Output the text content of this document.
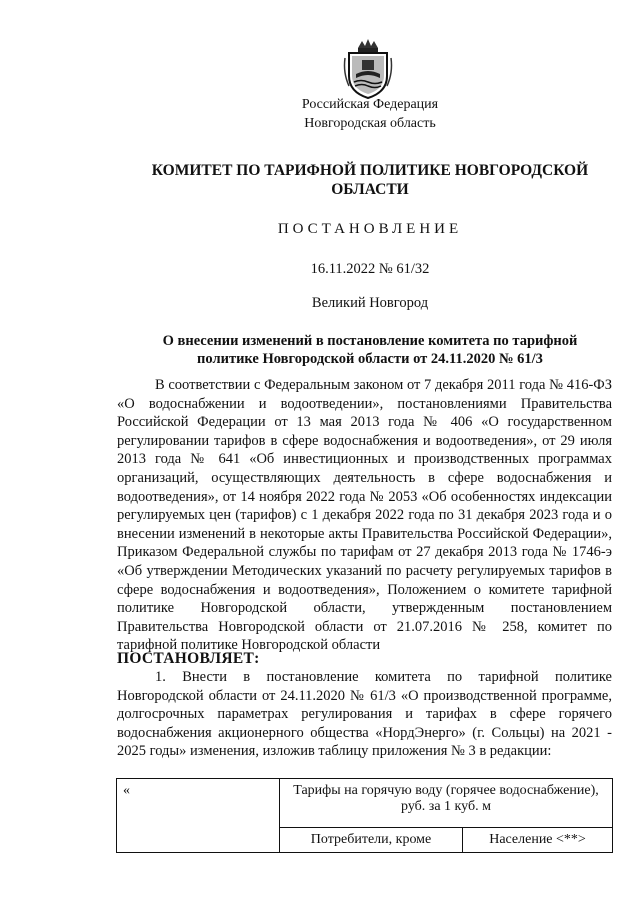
Российская Федерация
Новгородская область
КОМИТЕТ ПО ТАРИФНОЙ ПОЛИТИКЕ НОВГОРОДСКОЙ
ОБЛАСТИ
ПОСТАНОВЛЕНИЕ
16.11.2022 № 61/32
Великий Новгород
О внесении изменений в постановление комитета по тарифной
политике Новгородской области от 24.11.2020 № 61/3
В соответствии с Федеральным законом от 7 декабря 2011 года № 416-ФЗ «О водоснабжении и водоотведении», постановлениями Правительства Российской Федерации от 13 мая 2013 года № 406 «О государственном регулировании тарифов в сфере водоснабжения и водоотведения», от 29 июля 2013 года № 641 «Об инвестиционных и производственных программах организаций, осуществляющих деятельность в сфере водоснабжения и водоотведения», от 14 ноября 2022 года № 2053 «Об особенностях индексации регулируемых цен (тарифов) с 1 декабря 2022 года по 31 декабря 2023 года и о внесении изменений в некоторые акты Правительства Российской Федерации», Приказом Федеральной службы по тарифам от 27 декабря 2013 года № 1746-э «Об утверждении Методических указаний по расчету регулируемых тарифов в сфере водоснабжения и водоотведения», Положением о комитете тарифной политике Новгородской области, утвержденным постановлением Правительства Новгородской области от 21.07.2016 № 258, комитет по тарифной политике Новгородской области
ПОСТАНОВЛЯЕТ:
1. Внести в постановление комитета по тарифной политике Новгородской области от 24.11.2020 № 61/3 «О производственной программе, долгосрочных параметрах регулирования и тарифах в сфере горячего водоснабжения акционерного общества «НордЭнерго» (г. Сольцы) на 2021 - 2025 годы» изменения, изложив таблицу приложения № 3 в редакции:
«	Тарифы на горячую воду (горячее водоснабжение), руб. за 1 куб. м	
	Потребители, кроме	Население <**>
